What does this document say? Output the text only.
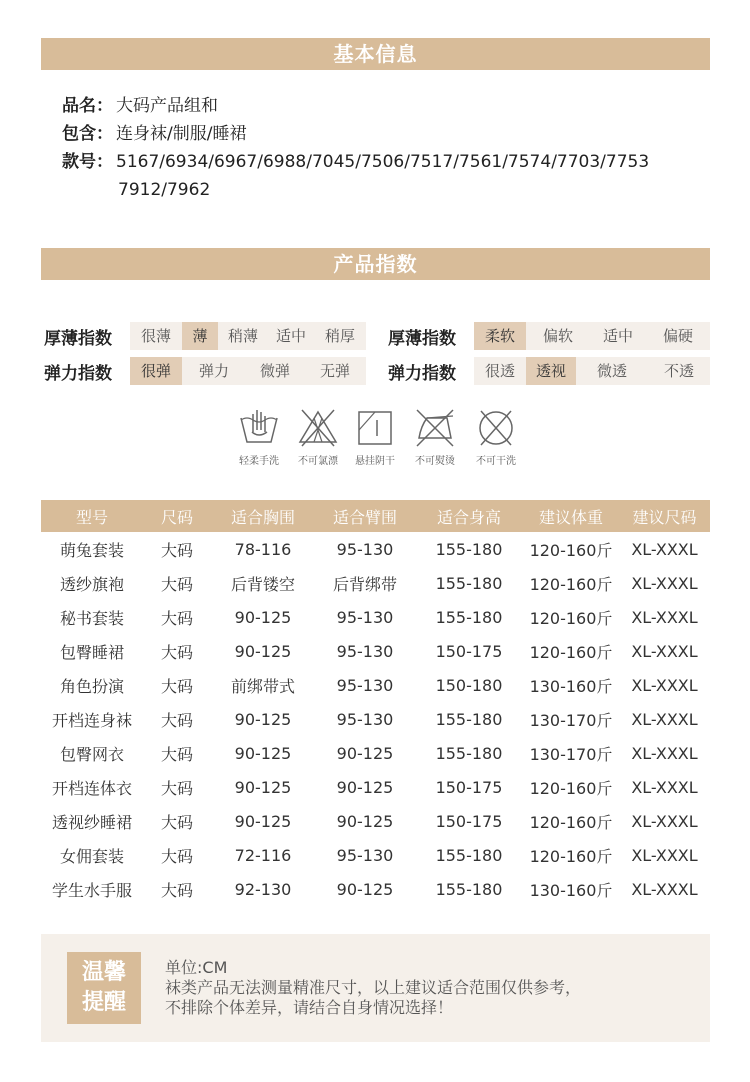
基本信息
品名： 大码产品组和
包含： 连身袜/制服/睡裙
款号： 5167/6934/6967/6988/7045/7506/7517/7561/7574/7703/7753
7912/7962
产品指数
厚薄指数	很薄	薄	稍薄	适中	稍厚	厚薄指数	柔软	偏软	适中	偏硬
弹力指数	很弹	弹力	微弹	无弹	弹力指数	很透	透视	微透	不透
轻柔手洗	不可氯漂	悬挂阴干	不可熨烫	不可干洗
型号	尺码	适合胸围	适合臂围	适合身高	建议体重	建议尺码
萌兔套装	大码	78-116	95-130	155-180	120-160斤	XL-XXXL
透纱旗袍	大码	后背镂空	后背绑带	155-180	120-160斤	XL-XXXL
秘书套装	大码	90-125	95-130	155-180	120-160斤	XL-XXXL
包臀睡裙	大码	90-125	95-130	150-175	120-160斤	XL-XXXL
角色扮演	大码	前绑带式	95-130	150-180	130-160斤	XL-XXXL
开档连身袜	大码	90-125	95-130	155-180	130-170斤	XL-XXXL
包臀网衣	大码	90-125	90-125	155-180	130-170斤	XL-XXXL
开档连体衣	大码	90-125	90-125	150-175	120-160斤	XL-XXXL
透视纱睡裙	大码	90-125	90-125	150-175	120-160斤	XL-XXXL
女佣套装	大码	72-116	95-130	155-180	120-160斤	XL-XXXL
学生水手服	大码	92-130	90-125	155-180	130-160斤	XL-XXXL
温馨
提醒
单位:CM
袜类产品无法测量精准尺寸，以上建议适合范围仅供参考，
不排除个体差异，请结合自身情况选择！
